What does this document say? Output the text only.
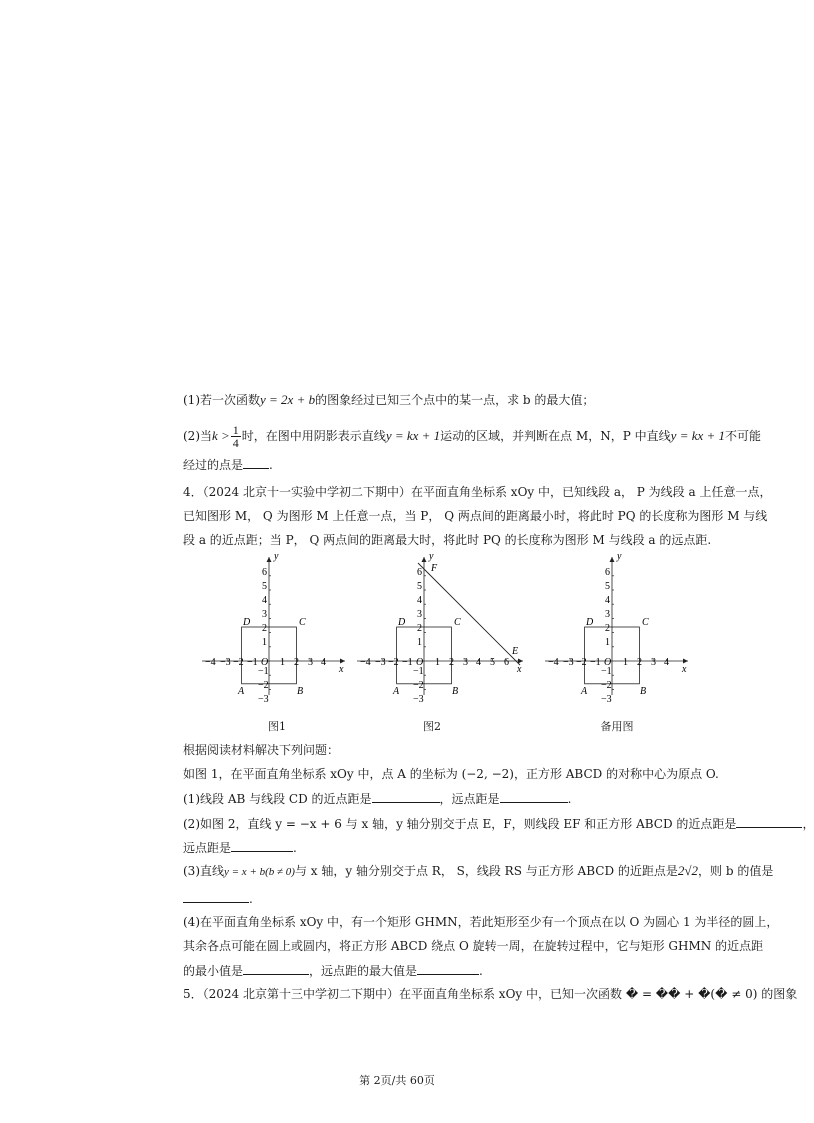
(1)若一次函数y = 2x + b的图象经过已知三个点中的某一点，求 b 的最大值；
(2)当$k > \frac{1}{4}$ 时，在图中用阴影表示直线y = kx + 1运动的区域，并判断在点 M，N，P 中直线y = kx + 1不可能
经过的点是 .
4．（2024 北京十一实验中学初二下期中）在平面直角坐标系 xOy 中，已知线段 a， P 为线段 a 上任意一点，
已知图形 M， Q 为图形 M 上任意一点，当 P， Q 两点间的距离最小时，将此时 PQ 的长度称为图形 M 与线
段 a 的近点距；当 P， Q 两点间的距离最大时，将此时 PQ 的长度称为图形 M 与线段 a 的远点距.
−4 −3 −2 −1 O 1 2 3 4
x
y
6
5
4
3
2
1
−1
−2
−3
D	C
A	B
图1
−4 −3 −2 −1 O 1 2 3 4 5 6
x
y
F
E
6
5
4
3
2
1
−1
−2
−3
D	C
A	B
图2
−4 −3 −2 −1 O 1 2 3 4
x
y
6
5
4
3
2
1
−1
−2
−3
D	C
A	B
备用图
根据阅读材料解决下列问题：
如图 1，在平面直角坐标系 xOy 中，点 A 的坐标为 (−2, −2)，正方形 ABCD 的对称中心为原点 O.
(1)线段 AB 与线段 CD 的近点距是	，远点距是	.
(2)如图 2，直线 y = −x + 6 与 x 轴，y 轴分别交于点 E，F，则线段 EF 和正方形 ABCD 的近点距是	，
远点距是	.
(3)直线y = x + b(b ≠ 0)与 x 轴，y 轴分别交于点 R， S，线段 RS 与正方形 ABCD 的近距点是2√2，则 b 的值是
.
(4)在平面直角坐标系 xOy 中，有一个矩形 GHMN，若此矩形至少有一个顶点在以 O 为圆心 1 为半径的圆上，
其余各点可能在圆上或圆内，将正方形 ABCD 绕点 O 旋转一周，在旋转过程中，它与矩形 GHMN 的近点距
的最小值是	，远点距的最大值是	.
5．（2024 北京第十三中学初二下期中）在平面直角坐标系 xOy 中，已知一次函数 � = �� + �(� ≠ 0) 的图象
第 2页/共 60页
